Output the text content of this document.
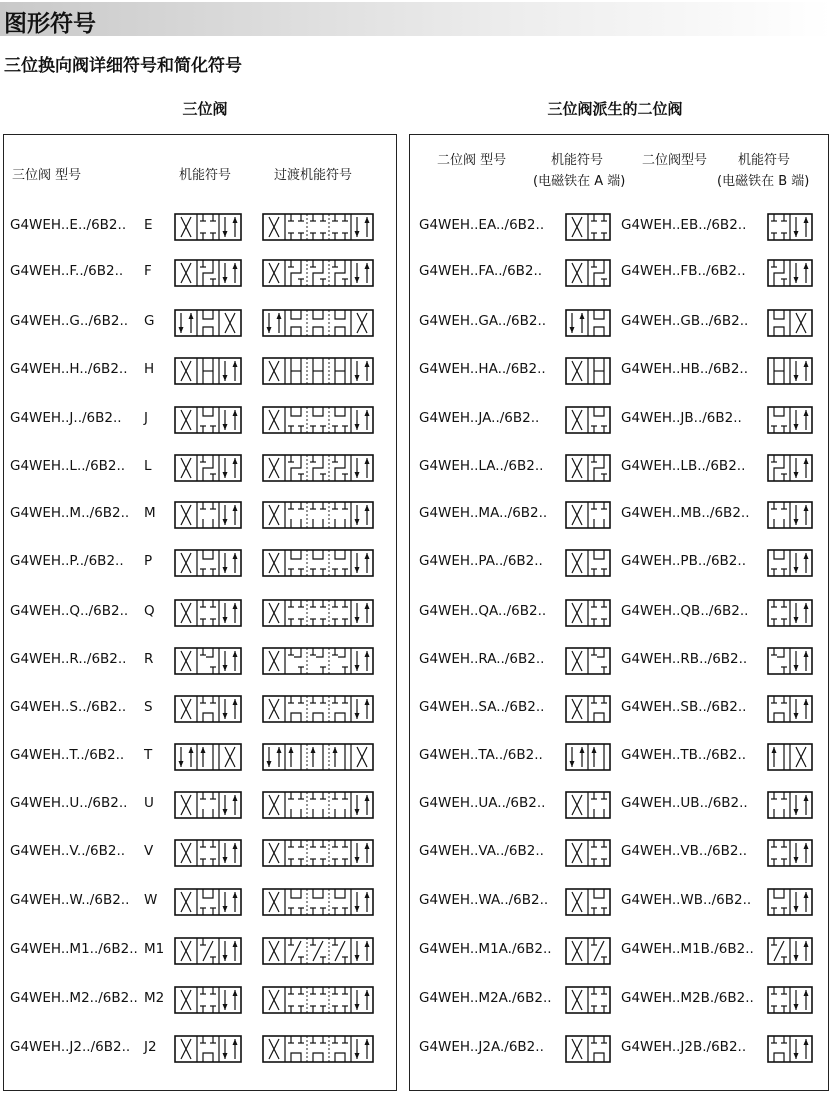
图形符号
三位换向阀详细符号和简化符号
三位阀	三位阀派生的二位阀
三位阀 型号	机能符号	过渡机能符号
二位阀 型号	机能符号
(电磁铁在 A 端)
二位阀型号 机能符号
(电磁铁在 B 端)
G4WEH..E../6B2.. E
G4WEH..F../6B2.. F
G4WEH..G../6B2.. G
G4WEH..H../6B2.. H
G4WEH..J../6B2.. J
G4WEH..L../6B2.. L
G4WEH..M../6B2.. M
G4WEH..P../6B2.. P
G4WEH..Q../6B2.. Q
G4WEH..R../6B2.. R
G4WEH..S../6B2.. S
G4WEH..T../6B2.. T
G4WEH..U../6B2.. U
G4WEH..V../6B2.. V
G4WEH..W../6B2.. W
G4WEH..M1../6B2.. M1
G4WEH..M2../6B2.. M2
G4WEH..J2../6B2.. J2
G4WEH..EA../6B2..	G4WEH..EB../6B2..
G4WEH..FA../6B2..	G4WEH..FB../6B2..
G4WEH..GA../6B2..	G4WEH..GB../6B2..
G4WEH..HA../6B2..	G4WEH..HB../6B2..
G4WEH..JA../6B2..	G4WEH..JB../6B2..
G4WEH..LA../6B2..	G4WEH..LB../6B2..
G4WEH..MA../6B2..	G4WEH..MB../6B2..
G4WEH..PA../6B2..	G4WEH..PB../6B2..
G4WEH..QA../6B2..	G4WEH..QB../6B2..
G4WEH..RA../6B2..	G4WEH..RB../6B2..
G4WEH..SA../6B2..	G4WEH..SB../6B2..
G4WEH..TA../6B2..	G4WEH..TB../6B2..
G4WEH..UA../6B2..	G4WEH..UB../6B2..
G4WEH..VA../6B2..	G4WEH..VB../6B2..
G4WEH..WA../6B2..	G4WEH..WB../6B2..
G4WEH..M1A./6B2..	G4WEH..M1B./6B2..
G4WEH..M2A./6B2..	G4WEH..M2B./6B2..
G4WEH..J2A./6B2..	G4WEH..J2B./6B2..
